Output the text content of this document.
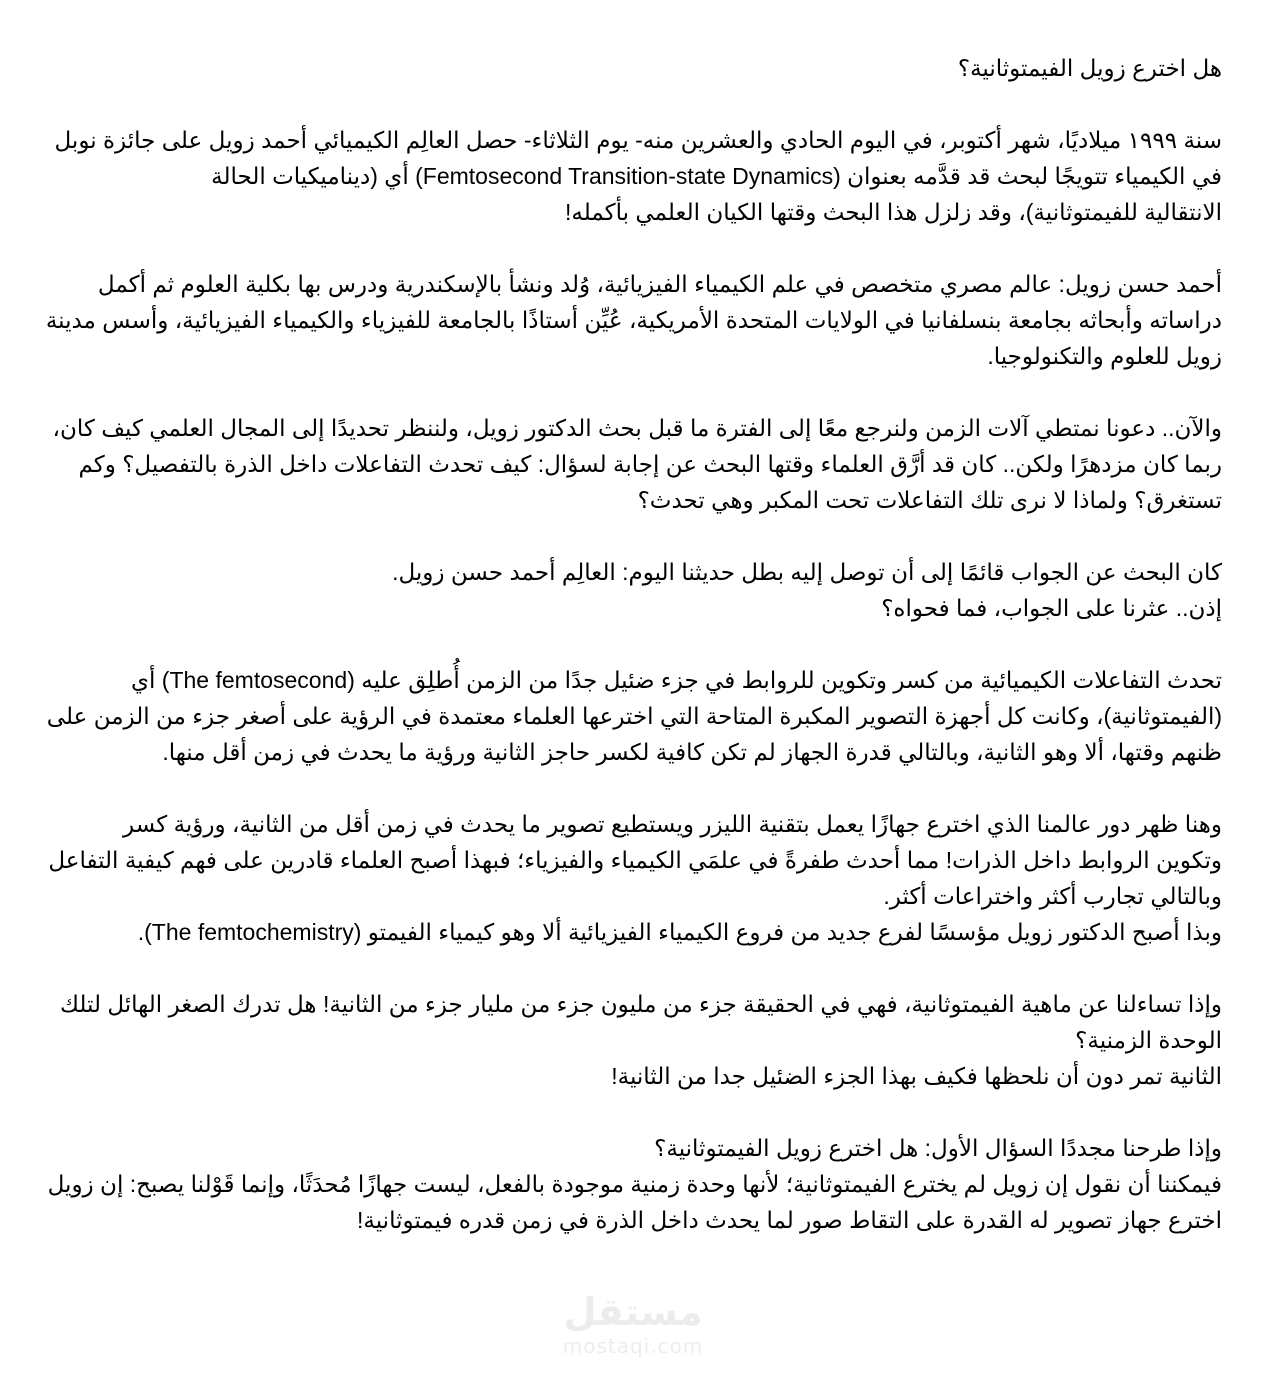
هل اخترع زويل الفيمتوثانية؟
سنة ١٩٩٩ ميلاديًا، شهر أكتوبر، في اليوم الحادي والعشرين منه- يوم الثلاثاء- حصل العالِم الكيميائي أحمد زويل على جائزة نوبل
في الكيمياء تتويجًا لبحث قد قدَّمه بعنوان (Femtosecond Transition-state Dynamics) أي (ديناميكيات الحالة
الانتقالية للفيمتوثانية)، وقد زلزل هذا البحث وقتها الكيان العلمي بأكمله!
أحمد حسن زويل: عالم مصري متخصص في علم الكيمياء الفيزيائية، وُلد ونشأ بالإسكندرية ودرس بها بكلية العلوم ثم أكمل
دراساته وأبحاثه بجامعة بنسلفانيا في الولايات المتحدة الأمريكية، عُيِّن أستاذًا بالجامعة للفيزياء والكيمياء الفيزيائية، وأسس مدينة
زويل للعلوم والتكنولوجيا.
والآن.. دعونا نمتطي آلات الزمن ولنرجع معًا إلى الفترة ما قبل بحث الدكتور زويل، ولننظر تحديدًا إلى المجال العلمي كيف كان،
ربما كان مزدهرًا ولكن.. كان قد أرَّق العلماء وقتها البحث عن إجابة لسؤال: كيف تحدث التفاعلات داخل الذرة بالتفصيل؟ وكم
تستغرق؟ ولماذا لا نرى تلك التفاعلات تحت المكبر وهي تحدث؟
كان البحث عن الجواب قائمًا إلى أن توصل إليه بطل حديثنا اليوم: العالِم أحمد حسن زويل.
إذن.. عثرنا على الجواب، فما فحواه؟
تحدث التفاعلات الكيميائية من كسر وتكوين للروابط في جزء ضئيل جدًا من الزمن أُطلِق عليه (The femtosecond) أي
(الفيمتوثانية)، وكانت كل أجهزة التصوير المكبرة المتاحة التي اخترعها العلماء معتمدة في الرؤية على أصغر جزء من الزمن على
ظنهم وقتها، ألا وهو الثانية، وبالتالي قدرة الجهاز لم تكن كافية لكسر حاجز الثانية ورؤية ما يحدث في زمن أقل منها.
وهنا ظهر دور عالمنا الذي اخترع جهازًا يعمل بتقنية الليزر ويستطيع تصوير ما يحدث في زمن أقل من الثانية، ورؤية كسر
وتكوين الروابط داخل الذرات! مما أحدث طفرةً في علمَي الكيمياء والفيزياء؛ فبهذا أصبح العلماء قادرين على فهم كيفية التفاعل
وبالتالي تجارب أكثر واختراعات أكثر.
وبذا أصبح الدكتور زويل مؤسسًا لفرع جديد من فروع الكيمياء الفيزيائية ألا وهو كيمياء الفيمتو (The femtochemistry).
وإذا تساءلنا عن ماهية الفيمتوثانية، فهي في الحقيقة جزء من مليون جزء من مليار جزء من الثانية! هل تدرك الصغر الهائل لتلك
الوحدة الزمنية؟
الثانية تمر دون أن نلحظها فكيف بهذا الجزء الضئيل جدا من الثانية!
وإذا طرحنا مجددًا السؤال الأول: هل اخترع زويل الفيمتوثانية؟
فيمكننا أن نقول إن زويل لم يخترع الفيمتوثانية؛ لأنها وحدة زمنية موجودة بالفعل، ليست جهازًا مُحدَثًا، وإنما قَوْلنا يصبح: إن زويل
اخترع جهاز تصوير له القدرة على التقاط صور لما يحدث داخل الذرة في زمن قدره فيمتوثانية!
مستقل
mostaqi.com
